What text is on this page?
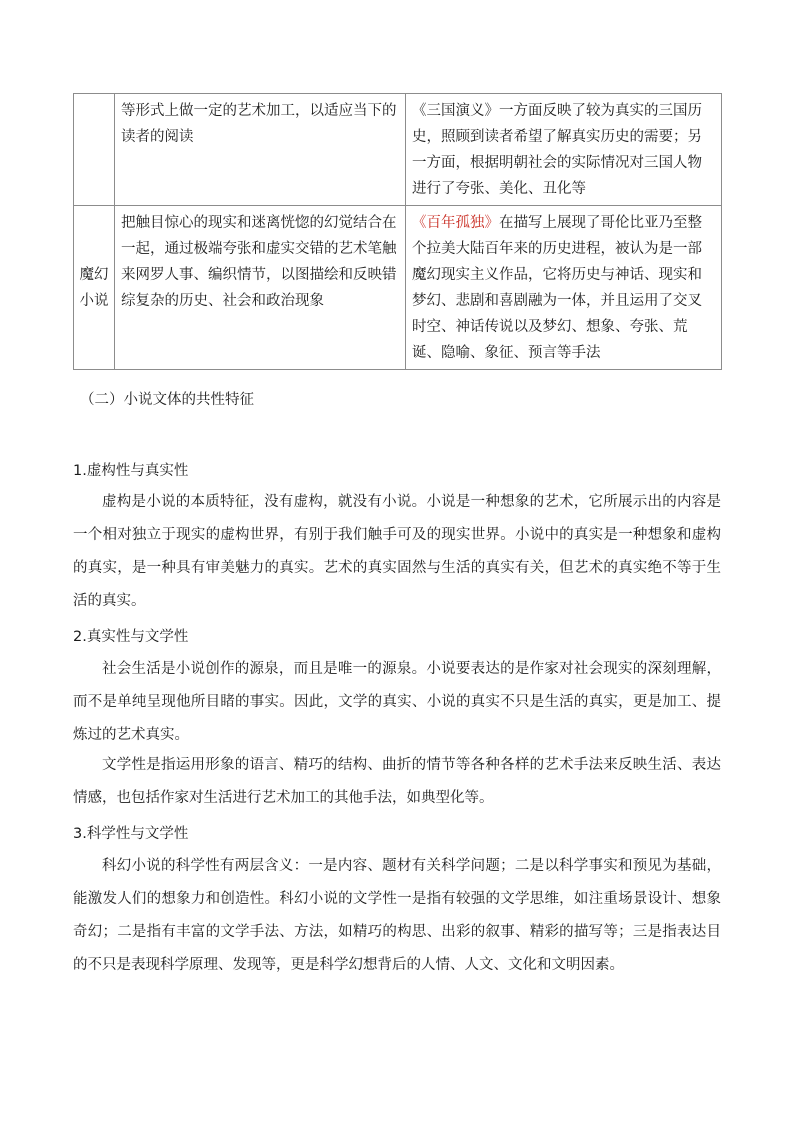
	等形式上做一定的艺术加工，以适应当下的读者的阅读	《三国演义》一方面反映了较为真实的三国历史，照顾到读者希望了解真实历史的需要；另一方面，根据明朝社会的实际情况对三国人物进行了夸张、美化、丑化等

魔幻
小说	把触目惊心的现实和迷离恍惚的幻觉结合在一起，通过极端夸张和虚实交错的艺术笔触来网罗人事、编织情节，以图描绘和反映错综复杂的历史、社会和政治现象	《百年孤独》在描写上展现了哥伦比亚乃至整个拉美大陆百年来的历史进程，被认为是一部魔幻现实主义作品，它将历史与神话、现实和梦幻、悲剧和喜剧融为一体，并且运用了交叉时空、神话传说以及梦幻、想象、夸张、荒诞、隐喻、象征、预言等手法
（二）小说文体的共性特征
1.虚构性与真实性

虚构是小说的本质特征，没有虚构，就没有小说。小说是一种想象的艺术，它所展示出的内容是一个相对独立于现实的虚构世界，有别于我们触手可及的现实世界。小说中的真实是一种想象和虚构的真实，是一种具有审美魅力的真实。艺术的真实固然与生活的真实有关，但艺术的真实绝不等于生活的真实。

2.真实性与文学性

社会生活是小说创作的源泉，而且是唯一的源泉。小说要表达的是作家对社会现实的深刻理解，而不是单纯呈现他所目睹的事实。因此，文学的真实、小说的真实不只是生活的真实，更是加工、提炼过的艺术真实。

文学性是指运用形象的语言、精巧的结构、曲折的情节等各种各样的艺术手法来反映生活、表达情感，也包括作家对生活进行艺术加工的其他手法，如典型化等。

3.科学性与文学性

科幻小说的科学性有两层含义：一是内容、题材有关科学问题；二是以科学事实和预见为基础，能激发人们的想象力和创造性。科幻小说的文学性一是指有较强的文学思维，如注重场景设计、想象奇幻；二是指有丰富的文学手法、方法，如精巧的构思、出彩的叙事、精彩的描写等；三是指表达目的不只是表现科学原理、发现等，更是科学幻想背后的人情、人文、文化和文明因素。
